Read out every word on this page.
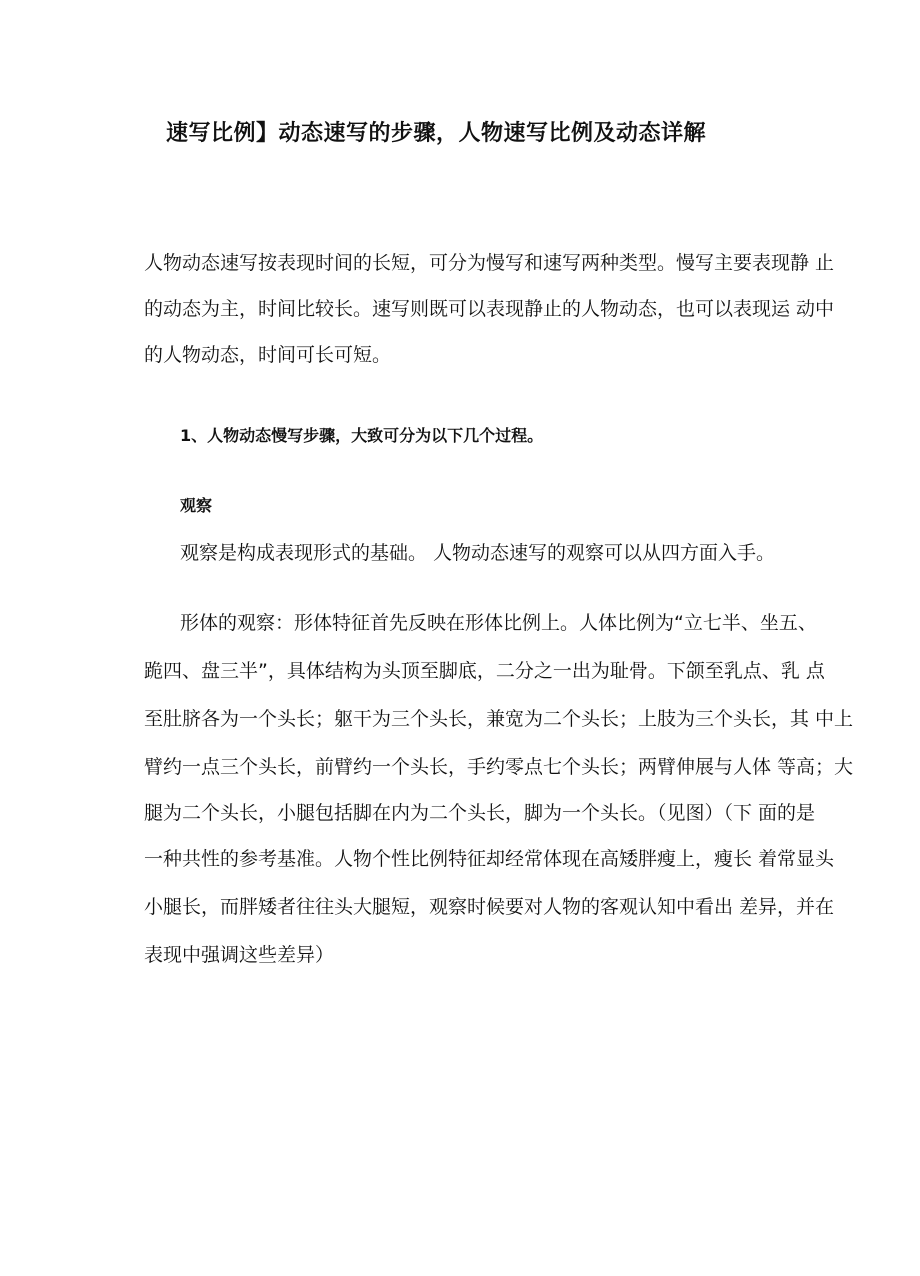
速写比例】动态速写的步骤，人物速写比例及动态详解

人物动态速写按表现时间的长短，可分为慢写和速写两种类型。慢写主要表现静 止

的动态为主，时间比较长。速写则既可以表现静止的人物动态，也可以表现运 动中

的人物动态，时间可长可短。

1、人物动态慢写步骤，大致可分为以下几个过程。

观察

观察是构成表现形式的基础。 人物动态速写的观察可以从四方面入手。

形体的观察：形体特征首先反映在形体比例上。人体比例为“立七半、坐五、

跪四、盘三半”，具体结构为头顶至脚底，二分之一出为耻骨。下颌至乳点、乳 点

至肚脐各为一个头长；躯干为三个头长，兼宽为二个头长；上肢为三个头长，其 中上

臂约一点三个头长，前臂约一个头长，手约零点七个头长；两臂伸展与人体 等高；大

腿为二个头长，小腿包括脚在内为二个头长，脚为一个头长。（见图）（下 面的是

一种共性的参考基准。人物个性比例特征却经常体现在高矮胖瘦上，瘦长 着常显头

小腿长，而胖矮者往往头大腿短，观察时候要对人物的客观认知中看出 差异，并在

表现中强调这些差异）
